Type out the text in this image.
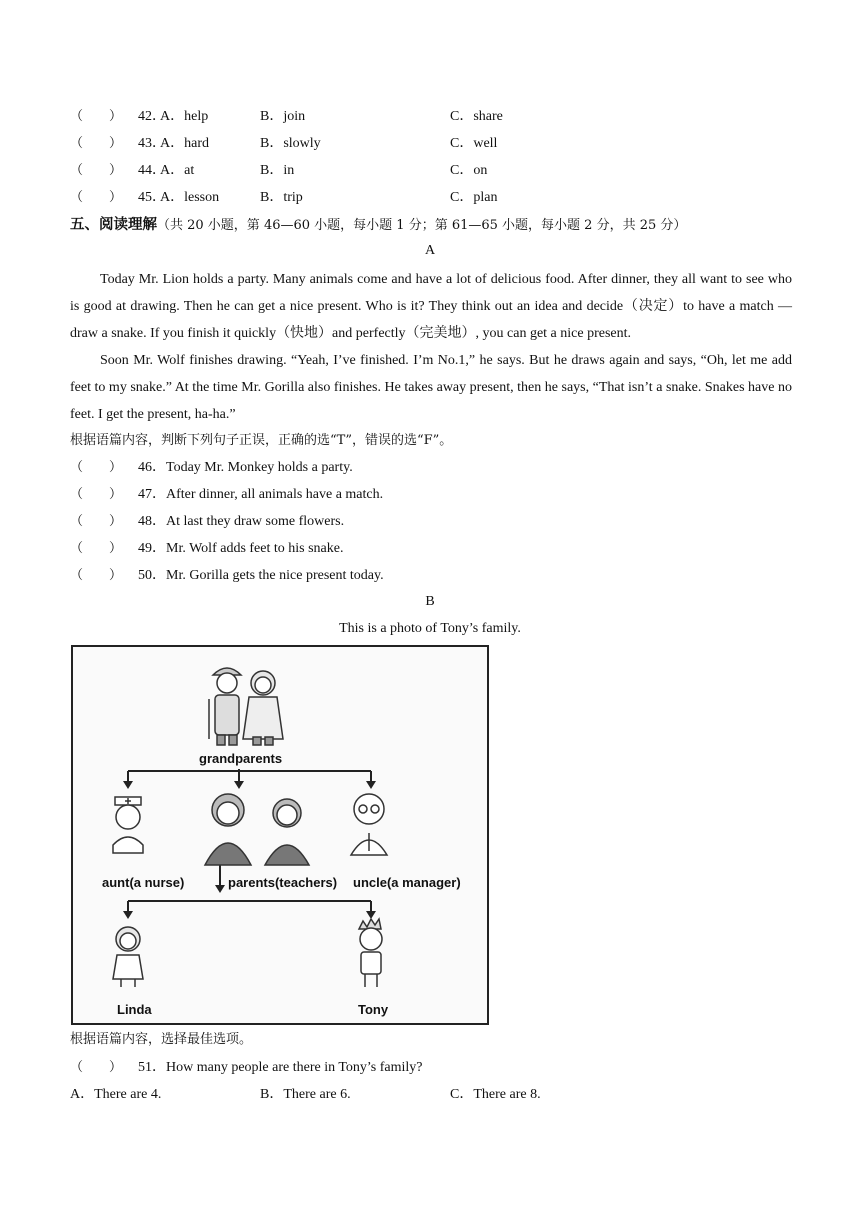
（　　） 42．
A．help	B．join	C．share
（　　） 43．
A．hard	B．slowly	C．well
（　　） 44．
A．at	B．in	C．on
（　　） 45．
A．lesson	B．trip	C．plan
五、阅读理解（共 20 小题，第 46—60 小题，每小题 1 分；第 61—65 小题，每小题 2 分，共 25 分）
A
Today Mr. Lion holds a party. Many animals come and have a lot of delicious food. After dinner, they all want to see who is good at drawing. Then he can get a nice present. Who is it? They think out an idea and decide（决定）to have a match —draw a snake. If you finish it quickly（快地）and perfectly（完美地）, you can get a nice present.
Soon Mr. Wolf finishes drawing. “Yeah, I’ve finished. I’m No.1,” he says. But he draws again and says, “Oh, let me add feet to my snake.” At the time Mr. Gorilla also finishes. He takes away present, then he says, “That isn’t a snake. Snakes have no feet. I get the present, ha-ha.”
根据语篇内容，判断下列句子正误，正确的选“T”，错误的选“F”。
（　　） 46．Today Mr. Monkey holds a party.
（　　） 47．After dinner, all animals have a match.
（　　） 48．At last they draw some flowers.
（　　） 49．Mr. Wolf adds feet to his snake.
（　　） 50．Mr. Gorilla gets the nice present today.
B
This is a photo of Tony’s family.
grandparents
aunt(a nurse)	parents(teachers) uncle(a manager)
Linda	Tony
根据语篇内容，选择最佳选项。
（　　） 51．How many people are there in Tony’s family?
A．There are 4.	B．There are 6.	C．There are 8.
